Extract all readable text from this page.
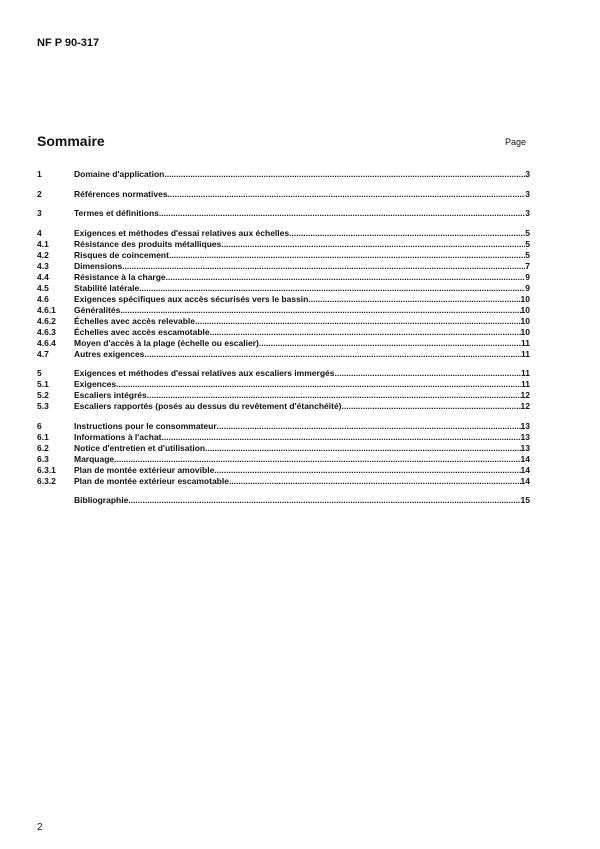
NF P 90-317
Sommaire	Page
1	Domaine d'application .....	3
2	Références normatives .....	3
3	Termes et définitions .....	3
4	Exigences et méthodes d'essai relatives aux échelles .....	5
4.1	Résistance des produits métalliques .....	5
4.2	Risques de coincement .....	5
4.3	Dimensions .....	7
4.4	Résistance à la charge .....	9
4.5	Stabilité latérale .....	9
4.6	Exigences spécifiques aux accès sécurisés vers le bassin .....	10
4.6.1 Généralités .....	10
4.6.2 Échelles avec accès relevable .....	10
4.6.3 Échelles avec accès escamotable .....	10
4.6.4 Moyen d'accès à la plage (échelle ou escalier) .....	11
4.7	Autres exigences .....	11
5	Exigences et méthodes d'essai relatives aux escaliers immergés .....	11
5.1	Exigences .....	11
5.2	Escaliers intégrés .....	12
5.3	Escaliers rapportés (posés au dessus du revêtement d'étanchéité) .....	12
6	Instructions pour le consommateur .....	13
6.1	Informations à l'achat .....	13
6.2	Notice d'entretien et d'utilisation .....	13
6.3	Marquage .....	14
6.3.1 Plan de montée extérieur amovible .....	14
6.3.2 Plan de montée extérieur escamotable .....	14
Bibliographie .....	15
2
